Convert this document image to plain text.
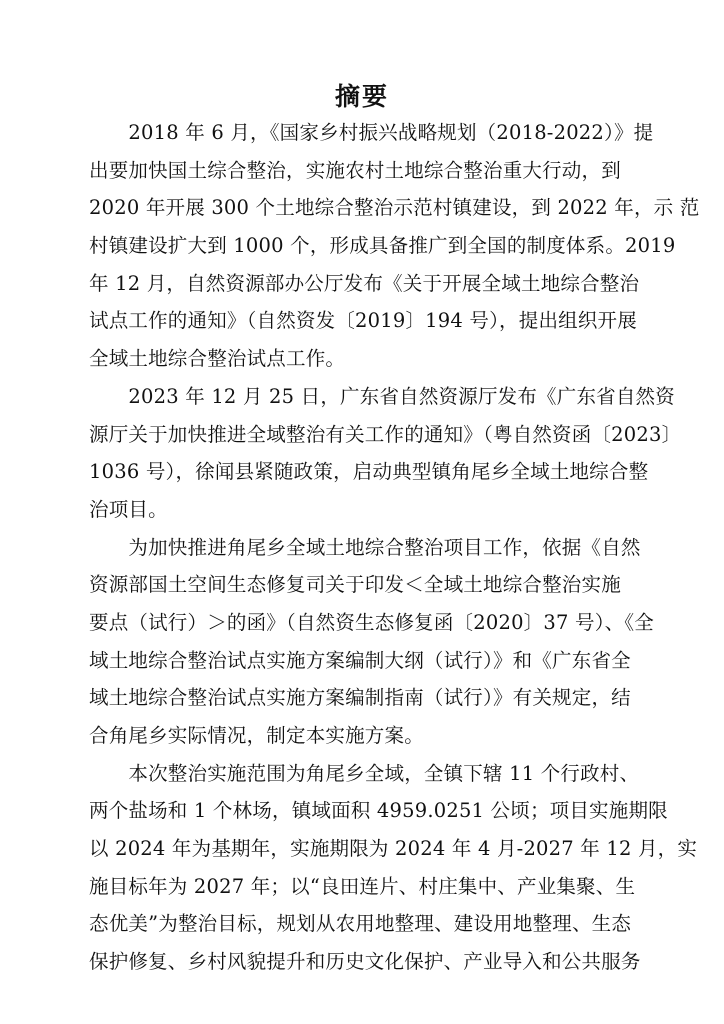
摘要
　　2018 年 6 月，《国家乡村振兴战略规划（2018-2022）》提
出要加快国土综合整治，实施农村土地综合整治重大行动，到
2020 年开展 300 个土地综合整治示范村镇建设，到 2022 年，示 范
村镇建设扩大到 1000 个，形成具备推广到全国的制度体系。2019
年 12 月，自然资源部办公厅发布《关于开展全域土地综合整治
试点工作的通知》（自然资发〔2019〕194 号），提出组织开展
全域土地综合整治试点工作。
　　2023 年 12 月 25 日，广东省自然资源厅发布《广东省自然资
源厅关于加快推进全域整治有关工作的通知》（粤自然资函〔2023〕
1036 号），徐闻县紧随政策，启动典型镇角尾乡全域土地综合整
治项目。
　　为加快推进角尾乡全域土地综合整治项目工作，依据《自然
资源部国土空间生态修复司关于印发＜全域土地综合整治实施
要点（试行）＞的函》（自然资生态修复函〔2020〕37 号）、《全
域土地综合整治试点实施方案编制大纲（试行）》和《广东省全
域土地综合整治试点实施方案编制指南（试行）》有关规定，结
合角尾乡实际情况，制定本实施方案。
　　本次整治实施范围为角尾乡全域，全镇下辖 11 个行政村、
两个盐场和 1 个林场，镇域面积 4959.0251 公顷；项目实施期限
以 2024 年为基期年，实施期限为 2024 年 4 月-2027 年 12 月，实
施目标年为 2027 年；以“良田连片、村庄集中、产业集聚、生
态优美”为整治目标，规划从农用地整理、建设用地整理、生态
保护修复、乡村风貌提升和历史文化保护、产业导入和公共服务
